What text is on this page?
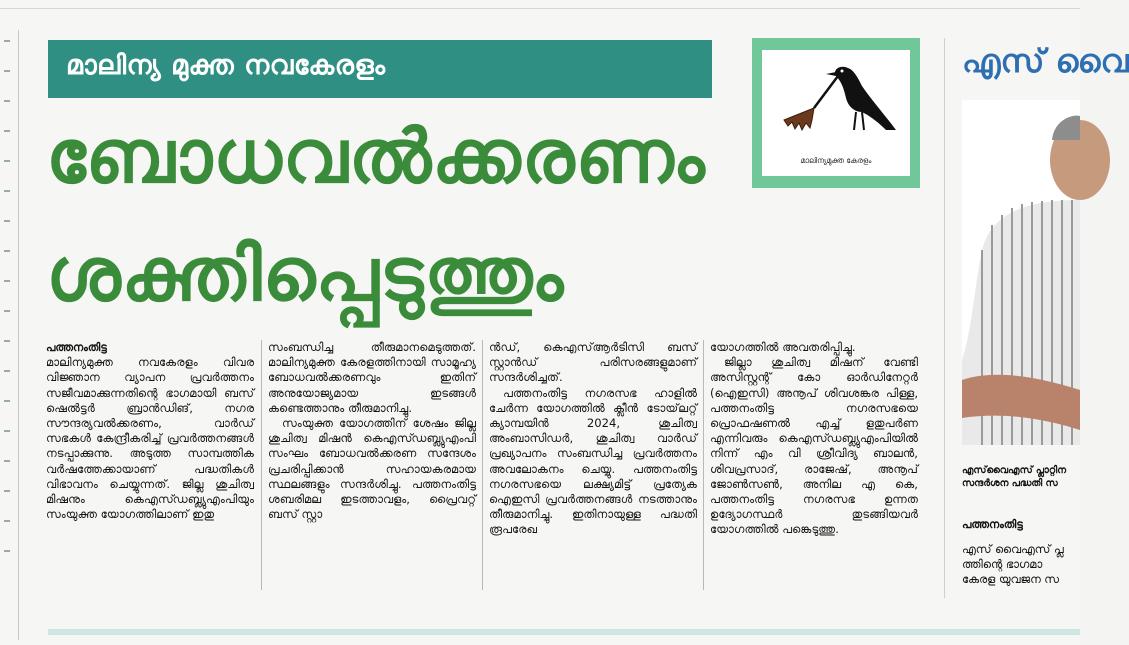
മാലിന്യ മുക്ത നവകേരളം
മാലിന്യമുക്ത കേരളം
ബോധവൽക്കരണം
ശക്തിപ്പെടുത്തും

പത്തനംതിട്ട

മാലിന്യമുക്ത നവകേരളം വിവര വിജ്ഞാന വ്യാപന പ്രവർത്തനം സജീവമാക്കുന്നതിന്റെ ഭാഗമായി ബസ് ഷെൽട്ടർ ബ്രാൻഡിങ്, നഗര സൗന്ദര്യവൽക്കരണം, വാർഡ് സഭകൾ കേന്ദ്രീകരിച്ച് പ്രവർത്തനങ്ങൾ നടപ്പാക്കുന്നു. അടുത്ത സാമ്പത്തിക വർഷത്തേക്കായാണ് പദ്ധതികൾ വിഭാവനം ചെയ്യുന്നത്. ജില്ല ശുചിത്വ മിഷനും കെഎസ്ഡബ്ല്യുഎംപിയും സംയുക്ത യോഗത്തിലാണ് ഇതു

സംബന്ധിച്ച തീരുമാനമെടുത്തത്. മാലിന്യമുക്ത കേരളത്തിനായി സാമൂഹ്യ ബോധവൽക്കരണവും ഇതിന് അനുയോജ്യമായ ഇടങ്ങൾ കണ്ടെത്താനും തീരുമാനിച്ചു.

സംയുക്ത യോഗത്തിന് ശേഷം ജില്ല ശുചിത്വ മിഷൻ കെഎസ്ഡബ്ല്യുഎംപി സംഘം ബോധവൽക്കരണ സന്ദേശം പ്രചരിപ്പിക്കാൻ സഹായകരമായ സ്ഥലങ്ങളും സന്ദർശിച്ചു. പത്തനംതിട്ട ശബരിമല ഇടത്താവളം, പ്രൈവറ്റ് ബസ് സ്റ്റാ

ൻഡ്, കെഎസ്ആർടിസി ബസ് സ്റ്റാൻഡ് പരിസരങ്ങളുമാണ് സന്ദർശിച്ചത്.

പത്തനംതിട്ട നഗരസഭ ഹാളിൽ ചേർന്ന യോഗത്തിൽ ക്ലീൻ ടോയ്‌ലറ്റ് ക്യാമ്പയിൻ 2024, ശുചിത്വ അംബാസിഡർ, ശുചിത്വ വാർഡ് പ്രഖ്യാപനം സംബന്ധിച്ച പ്രവർത്തനം അവലോകനം ചെയ്യു. പത്തനംതിട്ട നഗരസഭയെ ലക്ഷ്യമിട്ട് പ്രത്യേക ഐഇസി പ്രവർത്തനങ്ങൾ നടത്താനും തീരുമാനിച്ചു. ഇതിനായുള്ള പദ്ധതി രൂപരേഖ

യോഗത്തിൽ അവതരിപ്പിച്ചു.

ജില്ലാ ശുചിത്വ മിഷന് വേണ്ടി അസിസ്റ്റന്റ് കോ ഓർഡിനേറ്റർ (ഐഇസി) അനൂപ് ശിവശങ്കര പിള്ള, പത്തനംതിട്ട നഗരസഭയെ പ്രൊഫഷണൽ എച്ച് ളതുപർണ എന്നിവരും കെഎസ്ഡബ്ല്യുഎംപിയിൽ നിന്ന് എം വി ശ്രീവിദ്യ ബാലൻ, ശിവപ്രസാദ്, രാജേഷ്, അനൂപ് ജോൺസൺ, അനില എ കെ, പത്തനംതിട്ട നഗരസഭ ഉന്നത ഉദ്യോഗസ്ഥർ തുടങ്ങിയവർ യോഗത്തിൽ പങ്കെടുത്തു.

എസ് വൈ
എസ്‌വൈഎസ് പ്ലാറ്റിന
സന്ദർശന പദ്ധതി സ
പത്തനംതിട്ട

എസ് വൈഎസ് പ്ല

ത്തിന്റെ ഭാഗമാ

കേരള യുവജന സ
